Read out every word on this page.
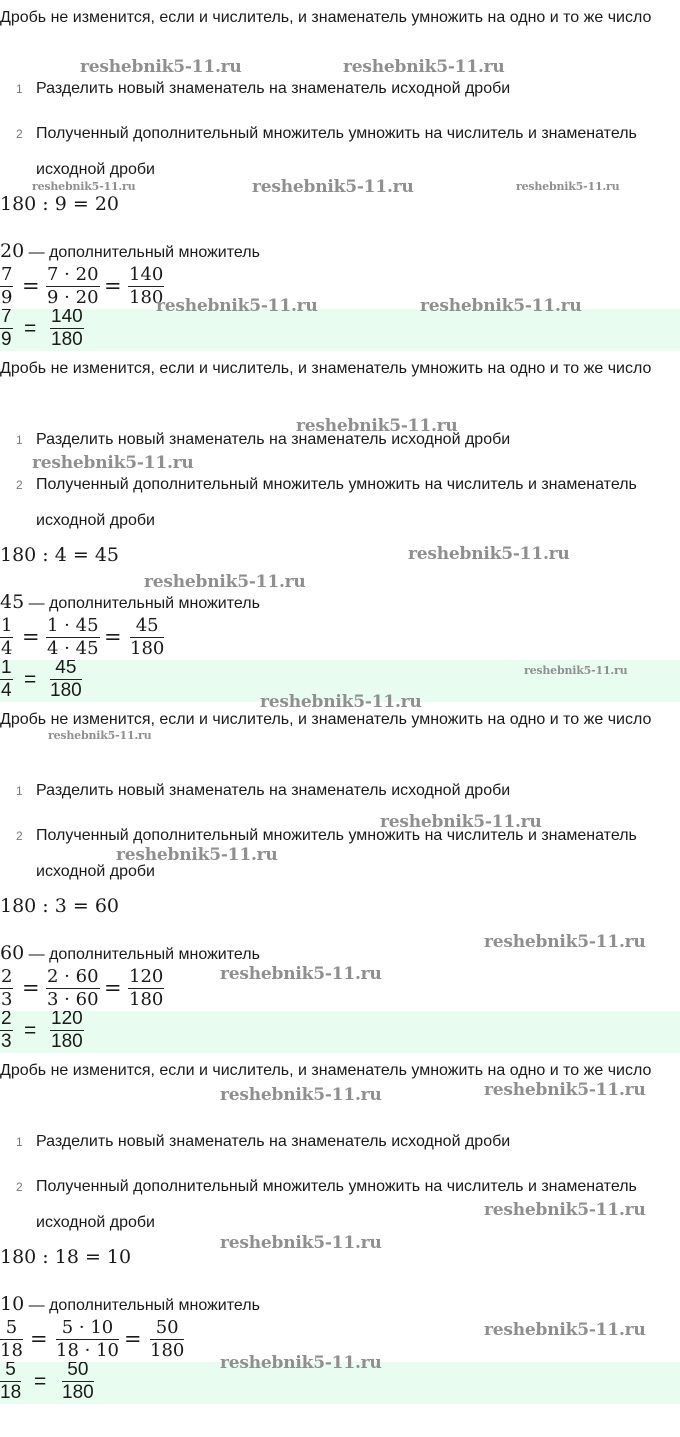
Дробь не изменится, если и числитель, и знаменатель умножить на одно и то же число
1 Разделить новый знаменатель на знаменатель исходной дроби
2 Полученный дополнительный множитель умножить на числитель и знаменатель исходной дроби
180 : 9 = 20
20 — дополнительный множитель
$\frac{7}{9} = \frac{7 \cdot 20}{9 \cdot 20} = \frac{140}{180}$
$\frac{7}{9} = \frac{140}{180}$
Дробь не изменится, если и числитель, и знаменатель умножить на одно и то же число
1 Разделить новый знаменатель на знаменатель исходной дроби
2 Полученный дополнительный множитель умножить на числитель и знаменатель исходной дроби
180 : 4 = 45
45 — дополнительный множитель
$\frac{1}{4} = \frac{1 \cdot 45}{4 \cdot 45} = \frac{45}{180}$
$\frac{1}{4} = \frac{45}{180}$
Дробь не изменится, если и числитель, и знаменатель умножить на одно и то же число
1 Разделить новый знаменатель на знаменатель исходной дроби
2 Полученный дополнительный множитель умножить на числитель и знаменатель исходной дроби
180 : 3 = 60
60 — дополнительный множитель
$\frac{2}{3} = \frac{2 \cdot 60}{3 \cdot 60} = \frac{120}{180}$
$\frac{2}{3} = \frac{120}{180}$
Дробь не изменится, если и числитель, и знаменатель умножить на одно и то же число
1 Разделить новый знаменатель на знаменатель исходной дроби
2 Полученный дополнительный множитель умножить на числитель и знаменатель исходной дроби
180 : 18 = 10
10 — дополнительный множитель
$\frac{5}{18} = \frac{5 \cdot 10}{18 \cdot 10} = \frac{50}{180}$
$\frac{5}{18} = \frac{50}{180}$
reshebnik5-11.ru	reshebnik5-11.ru
reshebnik5-11.ru	reshebnik5-11.ru	reshebnik5-11.ru
reshebnik5-11.ru	reshebnik5-11.ru
reshebnik5-11.ru
reshebnik5-11.ru
reshebnik5-11.ru
reshebnik5-11.ru
reshebnik5-11.ru
reshebnik5-11.ru
reshebnik5-11.ru
reshebnik5-11.ru
reshebnik5-11.ru
reshebnik5-11.ru
reshebnik5-11.ru
reshebnik5-11.ru
reshebnik5-11.ru
reshebnik5-11.ru
reshebnik5-11.ru
reshebnik5-11.ru
reshebnik5-11.ru
